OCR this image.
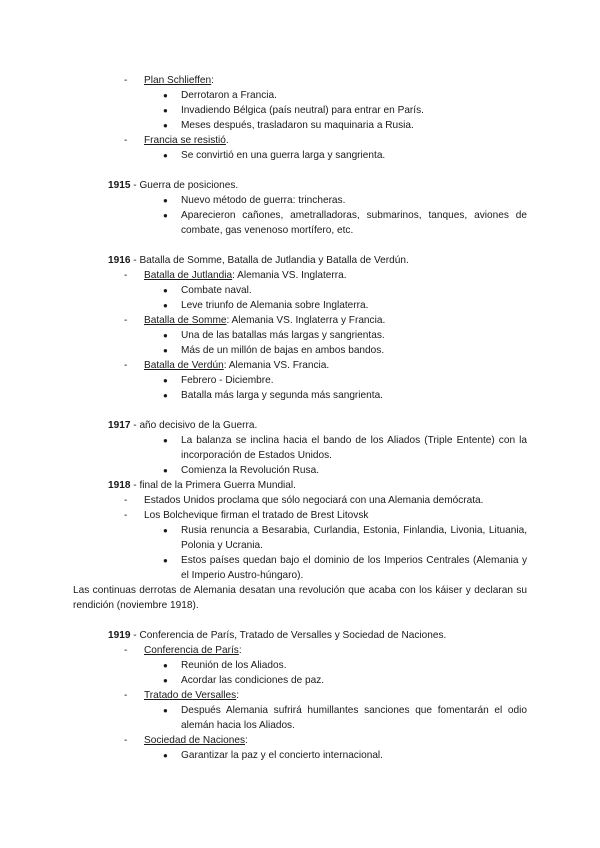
-	Plan Schlieffen:
● Derrotaron a Francia.
● Invadiendo Bélgica (país neutral) para entrar en París.
● Meses después, trasladaron su maquinaria a Rusia.
-	Francia se resistió.
● Se convirtió en una guerra larga y sangrienta.
1915 - Guerra de posiciones.
● Nuevo método de guerra: trincheras.
● Aparecieron cañones, ametralladoras, submarinos, tanques, aviones de combate, gas venenoso mortífero, etc.
1916 - Batalla de Somme, Batalla de Jutlandia y Batalla de Verdún.
-	Batalla de Jutlandia: Alemania VS. Inglaterra.
● Combate naval.
● Leve triunfo de Alemania sobre Inglaterra.
-	Batalla de Somme: Alemania VS. Inglaterra y Francia.
● Una de las batallas más largas y sangrientas.
● Más de un millón de bajas en ambos bandos.
-	Batalla de Verdún: Alemania VS. Francia.
● Febrero - Diciembre.
● Batalla más larga y segunda más sangrienta.
1917 - año decisivo de la Guerra.
● La balanza se inclina hacia el bando de los Aliados (Triple Entente) con la incorporación de Estados Unidos.
● Comienza la Revolución Rusa.
1918 - final de la Primera Guerra Mundial.
-	Estados Unidos proclama que sólo negociará con una Alemania demócrata.
-	Los Bolchevique firman el tratado de Brest Litovsk
● Rusia renuncia a Besarabia, Curlandia, Estonia, Finlandia, Livonia, Lituania, Polonia y Ucrania.
● Estos países quedan bajo el dominio de los Imperios Centrales (Alemania y el Imperio Austro-húngaro).
Las continuas derrotas de Alemania desatan una revolución que acaba con los káiser y declaran su rendición (noviembre 1918).
1919 - Conferencia de París, Tratado de Versalles y Sociedad de Naciones.
-	Conferencia de París:
● Reunión de los Aliados.
● Acordar las condiciones de paz.
-	Tratado de Versalles:
● Después Alemania sufrirá humillantes sanciones que fomentarán el odio alemán hacia los Aliados.
-	Sociedad de Naciones:
● Garantizar la paz y el concierto internacional.
